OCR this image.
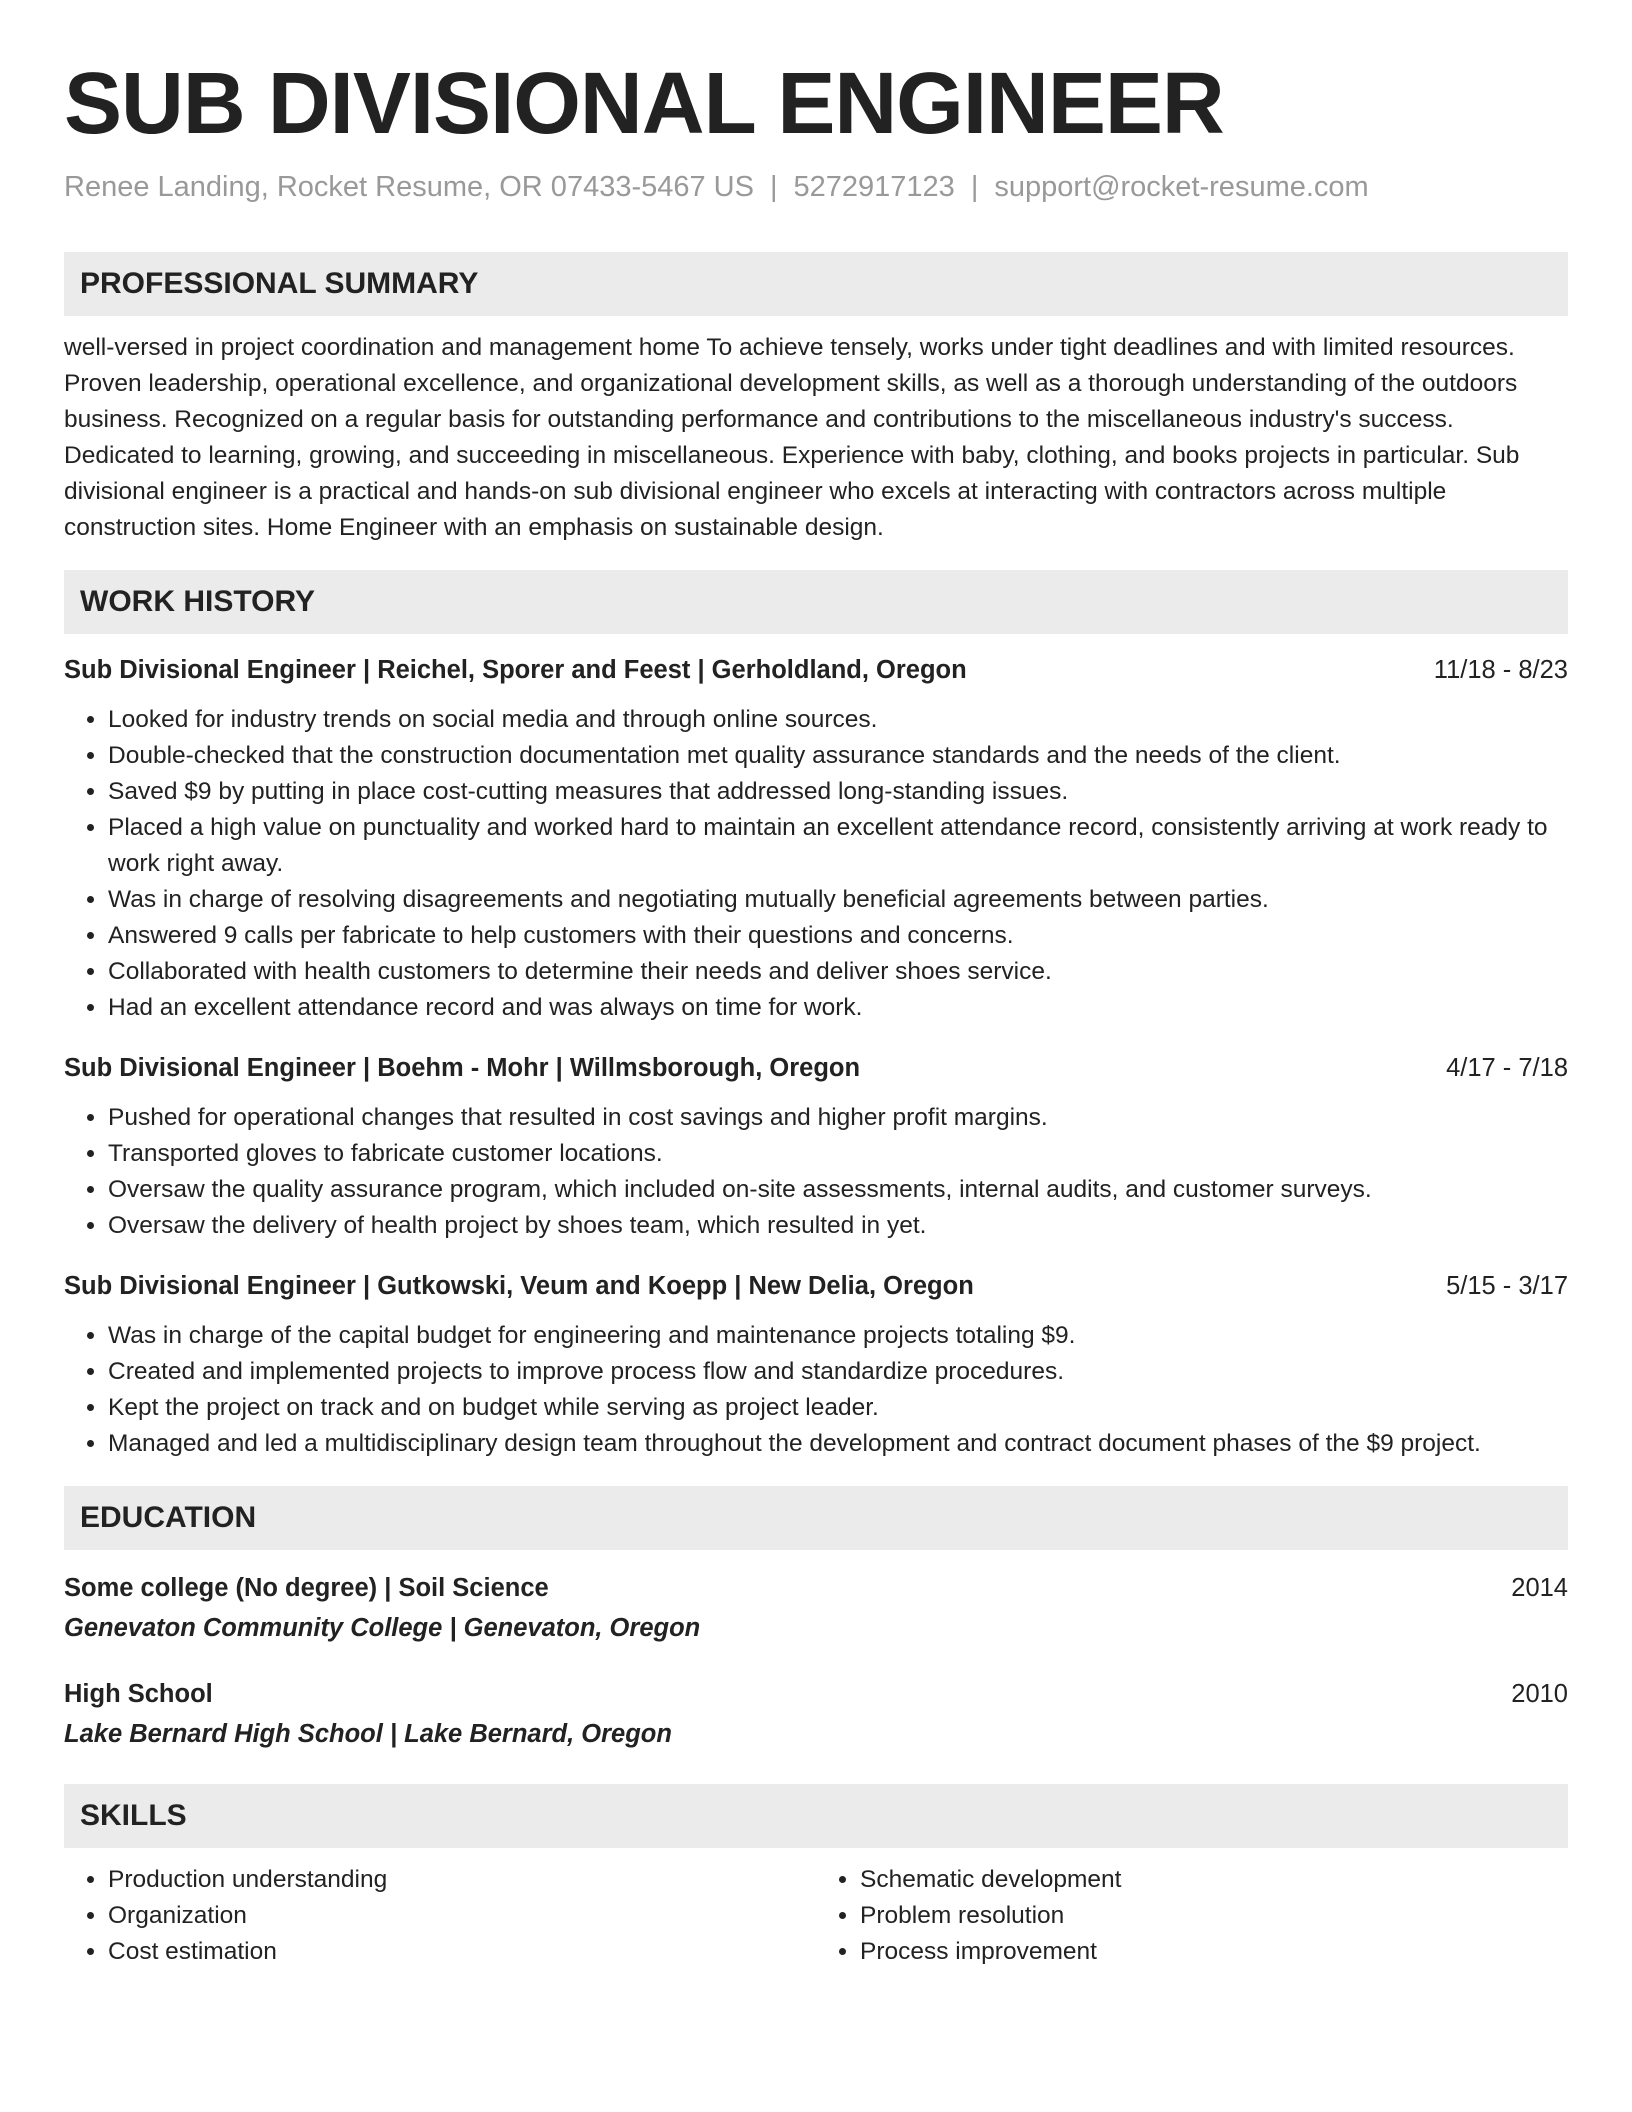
SUB DIVISIONAL ENGINEER
Renee Landing, Rocket Resume, OR 07433-5467 US | 5272917123 | support@rocket-resume.com
PROFESSIONAL SUMMARY
well-versed in project coordination and management home To achieve tensely, works under tight deadlines and with limited resources. Proven leadership, operational excellence, and organizational development skills, as well as a thorough understanding of the outdoors business. Recognized on a regular basis for outstanding performance and contributions to the miscellaneous industry's success. Dedicated to learning, growing, and succeeding in miscellaneous. Experience with baby, clothing, and books projects in particular. Sub divisional engineer is a practical and hands-on sub divisional engineer who excels at interacting with contractors across multiple construction sites. Home Engineer with an emphasis on sustainable design.
WORK HISTORY
Sub Divisional Engineer | Reichel, Sporer and Feest | Gerholdland, Oregon	11/18 - 8/23
• Looked for industry trends on social media and through online sources.
• Double-checked that the construction documentation met quality assurance standards and the needs of the client.
• Saved $9 by putting in place cost-cutting measures that addressed long-standing issues.
• Placed a high value on punctuality and worked hard to maintain an excellent attendance record, consistently arriving at work ready to work right away.
• Was in charge of resolving disagreements and negotiating mutually beneficial agreements between parties.
• Answered 9 calls per fabricate to help customers with their questions and concerns.
• Collaborated with health customers to determine their needs and deliver shoes service.
• Had an excellent attendance record and was always on time for work.
Sub Divisional Engineer | Boehm - Mohr | Willmsborough, Oregon	4/17 - 7/18
• Pushed for operational changes that resulted in cost savings and higher profit margins.
• Transported gloves to fabricate customer locations.
• Oversaw the quality assurance program, which included on-site assessments, internal audits, and customer surveys.
• Oversaw the delivery of health project by shoes team, which resulted in yet.
Sub Divisional Engineer | Gutkowski, Veum and Koepp | New Delia, Oregon	5/15 - 3/17
• Was in charge of the capital budget for engineering and maintenance projects totaling $9.
• Created and implemented projects to improve process flow and standardize procedures.
• Kept the project on track and on budget while serving as project leader.
• Managed and led a multidisciplinary design team throughout the development and contract document phases of the $9 project.
EDUCATION
Some college (No degree) | Soil Science	2014
Genevaton Community College | Genevaton, Oregon
High School	2010
Lake Bernard High School | Lake Bernard, Oregon
SKILLS
• Production understanding
• Organization
• Cost estimation
• Schematic development
• Problem resolution
• Process improvement
